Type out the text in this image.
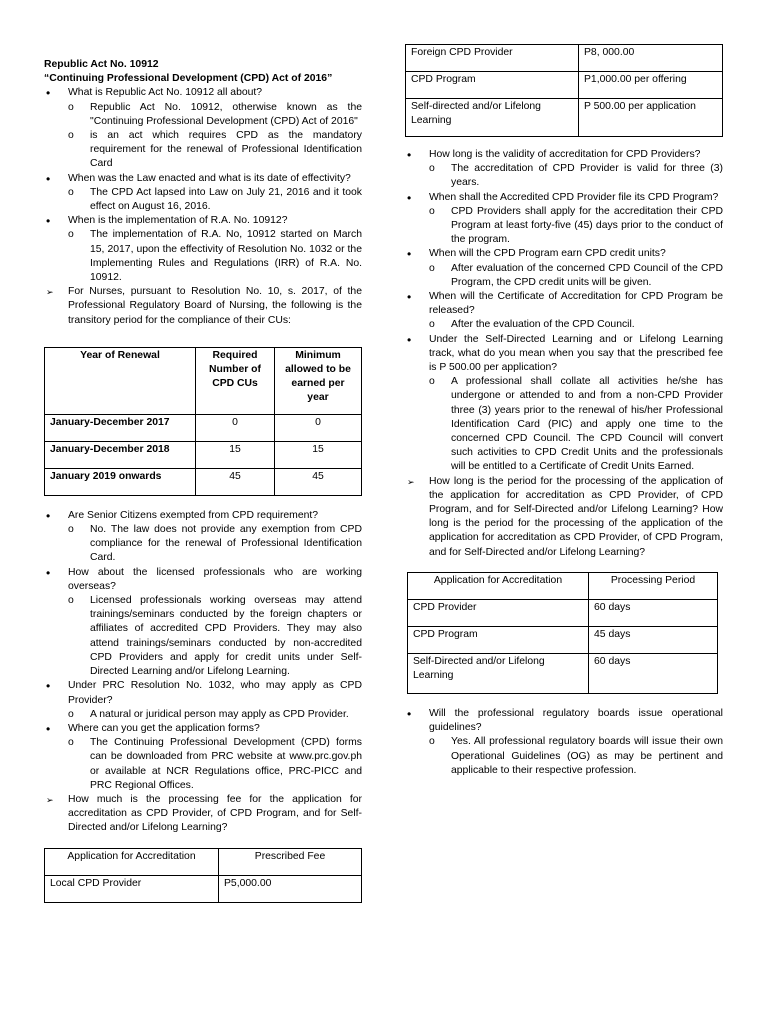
Republic Act No. 10912
“Continuing Professional Development (CPD) Act of 2016”
•
What is Republic Act No. 10912 all about?
o Republic Act No. 10912, otherwise known as the "Continuing Professional Development (CPD) Act of 2016"
o is an act which requires CPD as the mandatory requirement for the renewal of Professional Identification Card
•
When was the Law enacted and what is its date of effectivity?
o The CPD Act lapsed into Law on July 21, 2016 and it took effect on August 16, 2016.
•
When is the implementation of R.A. No. 10912?
o The implementation of R.A. No, 10912 started on March 15, 2017, upon the effectivity of Resolution No. 1032 or the Implementing Rules and Regulations (IRR) of R.A. No. 10912.
➢
For Nurses, pursuant to Resolution No. 10, s. 2017, of the Professional Regulatory Board of Nursing, the following is the transitory period for the compliance of their CUs:
Year of Renewal	Required Number of CPD CUs	Minimum allowed to be earned per year
January-December 2017	0	0
January-December 2018	15	15
January 2019 onwards	45	45
•
Are Senior Citizens exempted from CPD requirement?
o No. The law does not provide any exemption from CPD compliance for the renewal of Professional Identification Card.
•
How about the licensed professionals who are working overseas?
o Licensed professionals working overseas may attend trainings/seminars conducted by the foreign chapters or affiliates of accredited CPD Providers. They may also attend trainings/seminars conducted by non-accredited CPD Providers and apply for credit units under Self-Directed Learning and/or Lifelong Learning.
•
Under PRC Resolution No. 1032, who may apply as CPD Provider?
o A natural or juridical person may apply as CPD Provider.
•
Where can you get the application forms?
o The Continuing Professional Development (CPD) forms can be downloaded from PRC website at www.prc.gov.ph or available at NCR Regulations office, PRC-PICC and PRC Regional Offices.
➢
How much is the processing fee for the application for accreditation as CPD Provider, of CPD Program, and for Self-Directed and/or Lifelong Learning?
Application for Accreditation	Prescribed Fee
Local CPD Provider	P5,000.00
Foreign CPD Provider	P8, 000.00
CPD Program	P1,000.00 per offering
Self-directed and/or Lifelong Learning	P 500.00 per application
•
How long is the validity of accreditation for CPD Providers?
o The accreditation of CPD Provider is valid for three (3) years.
•
When shall the Accredited CPD Provider file its CPD Program?
o CPD Providers shall apply for the accreditation their CPD Program at least forty-five (45) days prior to the conduct of the program.
•
When will the CPD Program earn CPD credit units?
o After evaluation of the concerned CPD Council of the CPD Program, the CPD credit units will be given.
•
When will the Certificate of Accreditation for CPD Program be released?
o After the evaluation of the CPD Council.
•
Under the Self-Directed Learning and or Lifelong Learning track, what do you mean when you say that the prescribed fee is P 500.00 per application?
o A professional shall collate all activities he/she has undergone or attended to and from a non-CPD Provider three (3) years prior to the renewal of his/her Professional Identification Card (PIC) and apply one time to the concerned CPD Council. The CPD Council will convert such activities to CPD Credit Units and the professionals will be entitled to a Certificate of Credit Units Earned.
➢
How long is the period for the processing of the application of the application for accreditation as CPD Provider, of CPD Program, and for Self-Directed and/or Lifelong Learning? How long is the period for the processing of the application of the application for accreditation as CPD Provider, of CPD Program, and for Self-Directed and/or Lifelong Learning?
Application for Accreditation	Processing Period
CPD Provider	60 days
CPD Program	45 days
Self-Directed and/or Lifelong Learning	60 days
•
Will the professional regulatory boards issue operational guidelines?
o Yes. All professional regulatory boards will issue their own Operational Guidelines (OG) as may be pertinent and applicable to their respective profession.
